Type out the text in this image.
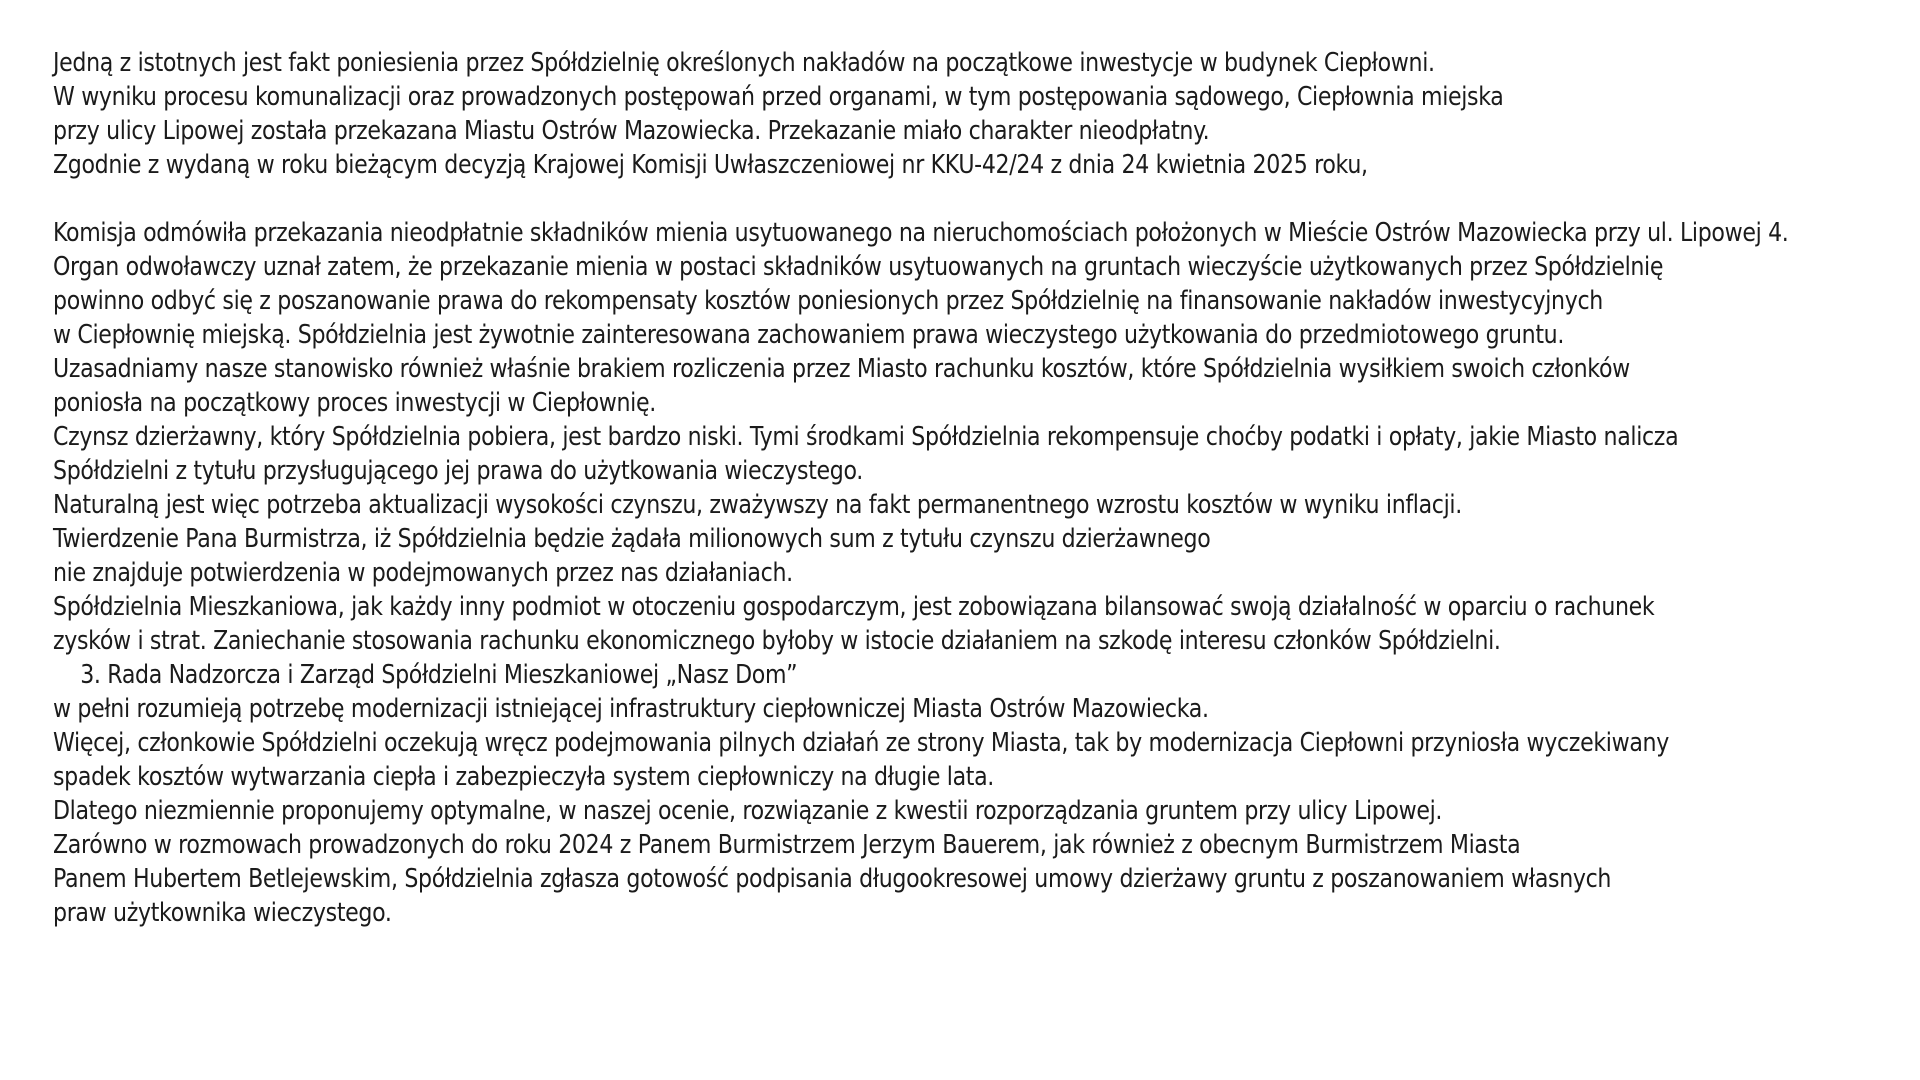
Jedną z istotnych jest fakt poniesienia przez Spółdzielnię określonych nakładów na początkowe inwestycje w budynek Ciepłowni.
W wyniku procesu komunalizacji oraz prowadzonych postępowań przed organami, w tym postępowania sądowego, Ciepłownia miejska
przy ulicy Lipowej została przekazana Miastu Ostrów Mazowiecka. Przekazanie miało charakter nieodpłatny.
Zgodnie z wydaną w roku bieżącym decyzją Krajowej Komisji Uwłaszczeniowej nr KKU-42/24 z dnia 24 kwietnia 2025 roku,
Komisja odmówiła przekazania nieodpłatnie składników mienia usytuowanego na nieruchomościach położonych w Mieście Ostrów Mazowiecka przy ul. Lipowej 4.
Organ odwoławczy uznał zatem, że przekazanie mienia w postaci składników usytuowanych na gruntach wieczyście użytkowanych przez Spółdzielnię
powinno odbyć się z poszanowanie prawa do rekompensaty kosztów poniesionych przez Spółdzielnię na finansowanie nakładów inwestycyjnych
w Ciepłownię miejską. Spółdzielnia jest żywotnie zainteresowana zachowaniem prawa wieczystego użytkowania do przedmiotowego gruntu.
Uzasadniamy nasze stanowisko również właśnie brakiem rozliczenia przez Miasto rachunku kosztów, które Spółdzielnia wysiłkiem swoich członków
poniosła na początkowy proces inwestycji w Ciepłownię.
Czynsz dzierżawny, który Spółdzielnia pobiera, jest bardzo niski. Tymi środkami Spółdzielnia rekompensuje choćby podatki i opłaty, jakie Miasto nalicza
Spółdzielni z tytułu przysługującego jej prawa do użytkowania wieczystego.
Naturalną jest więc potrzeba aktualizacji wysokości czynszu, zważywszy na fakt permanentnego wzrostu kosztów w wyniku inflacji.
Twierdzenie Pana Burmistrza, iż Spółdzielnia będzie żądała milionowych sum z tytułu czynszu dzierżawnego
nie znajduje potwierdzenia w podejmowanych przez nas działaniach.
Spółdzielnia Mieszkaniowa, jak każdy inny podmiot w otoczeniu gospodarczym, jest zobowiązana bilansować swoją działalność w oparciu o rachunek
zysków i strat. Zaniechanie stosowania rachunku ekonomicznego byłoby w istocie działaniem na szkodę interesu członków Spółdzielni.
3. Rada Nadzorcza i Zarząd Spółdzielni Mieszkaniowej „Nasz Dom”
w pełni rozumieją potrzebę modernizacji istniejącej infrastruktury ciepłowniczej Miasta Ostrów Mazowiecka.
Więcej, członkowie Spółdzielni oczekują wręcz podejmowania pilnych działań ze strony Miasta, tak by modernizacja Ciepłowni przyniosła wyczekiwany
spadek kosztów wytwarzania ciepła i zabezpieczyła system ciepłowniczy na długie lata.
Dlatego niezmiennie proponujemy optymalne, w naszej ocenie, rozwiązanie z kwestii rozporządzania gruntem przy ulicy Lipowej.
Zarówno w rozmowach prowadzonych do roku 2024 z Panem Burmistrzem Jerzym Bauerem, jak również z obecnym Burmistrzem Miasta
Panem Hubertem Betlejewskim, Spółdzielnia zgłasza gotowość podpisania długookresowej umowy dzierżawy gruntu z poszanowaniem własnych
praw użytkownika wieczystego.
